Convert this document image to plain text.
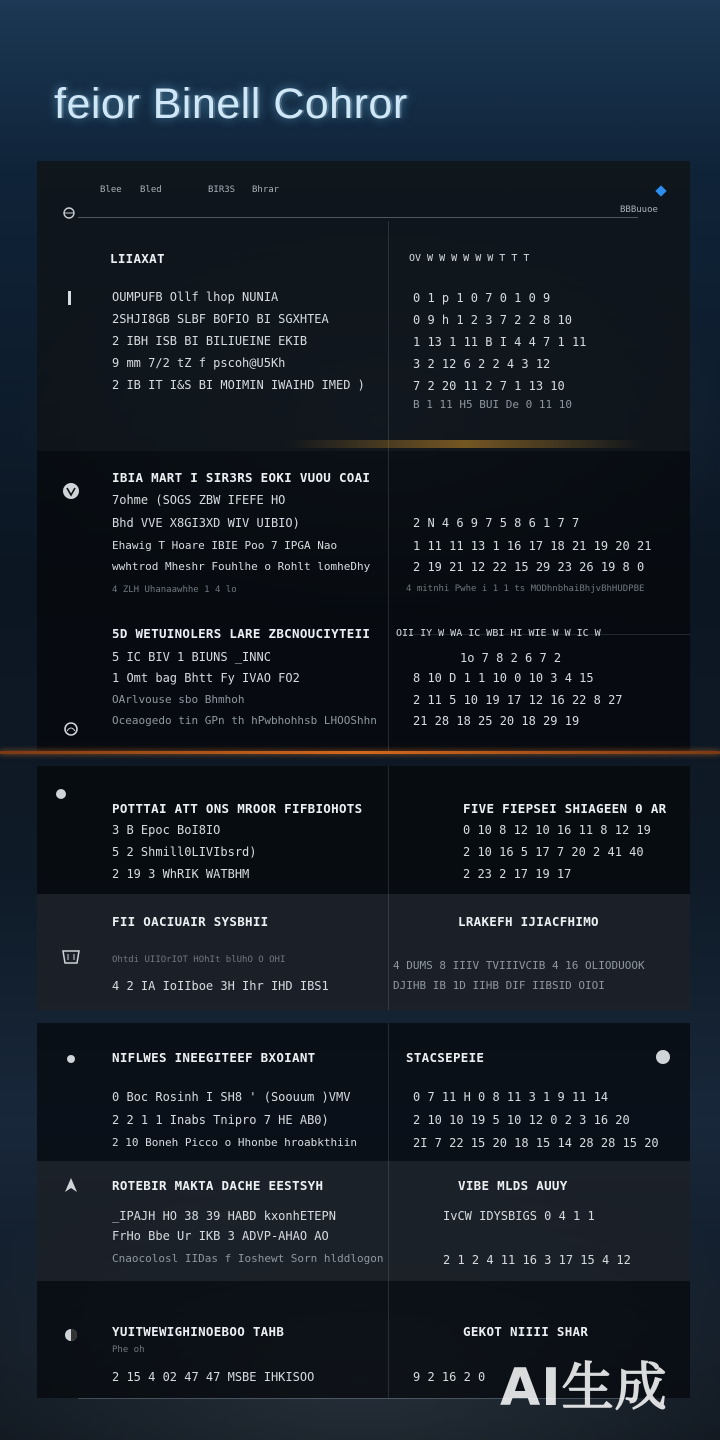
feior Binell Cohror
Blee Bled	BIR3S Bhrar
BBBuuoe
LIIAXAT	OV W W W W W W T T T
OUMPUFB Ollf lhop NUNIA	0 1 p 1 0 7 0 1 0 9
2SHJI8GB SLBF BOFIO BI SGXHTEA	0 9 h 1 2 3 7 2 2 8 10
2 IBH ISB BI BILIUEINE EKIB	1 13 1 11 B I 4 4 7 1 11
9 mm 7/2 tZ f pscoh@U5Kh	3 2 12 6 2 2 4 3 12
2 IB IT I&S BI MOIMIN IWAIHD IMED )	7 2 20 11 2 7 1 13 10
B 1 11 H5 BUI De 0 11 10
IBIA MART I SIR3RS EOKI VUOU COAI
7ohme (SOGS ZBW IFEFE HO
Bhd VVE X8GI3XD WIV UIBIO)	2 N 4 6 9 7 5 8 6 1 7 7
Ehawig T Hoare IBIE Poo 7 IPGA Nao	1 11 11 13 1 16 17 18 21 19 20 21
wwhtrod Mheshr Fouhlhe o Rohlt lomheDhy	2 19 21 12 22 15 29 23 26 19 8 0
4 ZLH Uhanaawhhe 1 4 lo	4 mitnhi Pwhe i 1 1 ts MODhnbhaiBhjvBhHUDPBE
5D WETUINOLERS LARE ZBCNOUCIYTEII	OII IY W WA IC WBI HI WIE W W IC W
5 IC BIV 1 BIUNS _INNC	1o 7 8 2 6 7 2
1 Omt bag Bhtt Fy IVAO FO2	8 10 D 1 1 10 0 10 3 4 15
OArlvouse sbo Bhmhoh	2 11 5 10 19 17 12 16 22 8 27
Oceaogedo tin GPn th hPwbhohhsb LHOOShhn	21 28 18 25 20 18 29 19
POTTTAI ATT ONS MROOR FIFBIOHOTS	FIVE FIEPSEI SHIAGEEN 0 AR
3 B Epoc BoI8IO	0 10 8 12 10 16 11 8 12 19
5 2 Shmill0LIVIbsrd)	2 10 16 5 17 7 20 2 41 40
2 19 3 WhRIK WATBHM	2 23 2 17 19 17
FII OACIUAIR SYSBHII	LRAKEFH IJIACFHIMO
Ohtdi UIIOrIOT HOhIt blUhO O OHI	4 DUMS 8 IIIV TVIIIVCIB 4 16 OLIODUOOK
4 2 IA IoIIboe 3H Ihr IHD IBS1	DJIHB IB 1D IIHB DIF IIBSID OIOI
NIFLWES INEEGITEEF BXOIANT	STACSEPEIE
0 Boc Rosinh I SH8 ' (Soouum )VMV	0 7 11 H 0 8 11 3 1 9 11 14
2 2 1 1 Inabs Tnipro 7 HE AB0)	2 10 10 19 5 10 12 0 2 3 16 20
2 10 Boneh Picco o Hhonbe hroabkthiin	2I 7 22 15 20 18 15 14 28 28 15 20
ROTEBIR MAKTA DACHE EESTSYH	VIBE MLDS AUUY
_IPAJH HO 38 39 HABD kxonhETEPN	IvCW IDYSBIGS 0 4 1 1
FrHo Bbe Ur IKB 3 ADVP-AHAO AO
Cnaocolosl IIDas f Ioshewt Sorn hlddlogon	2 1 2 4 11 16 3 17 15 4 12
YUITWEWIGHINOEBOO TAHB	GEKOT NIIII SHAR
Phe oh
2 15 4 02 47 47 MSBE IHKISOO	9 2 16 2 0 AI生成
